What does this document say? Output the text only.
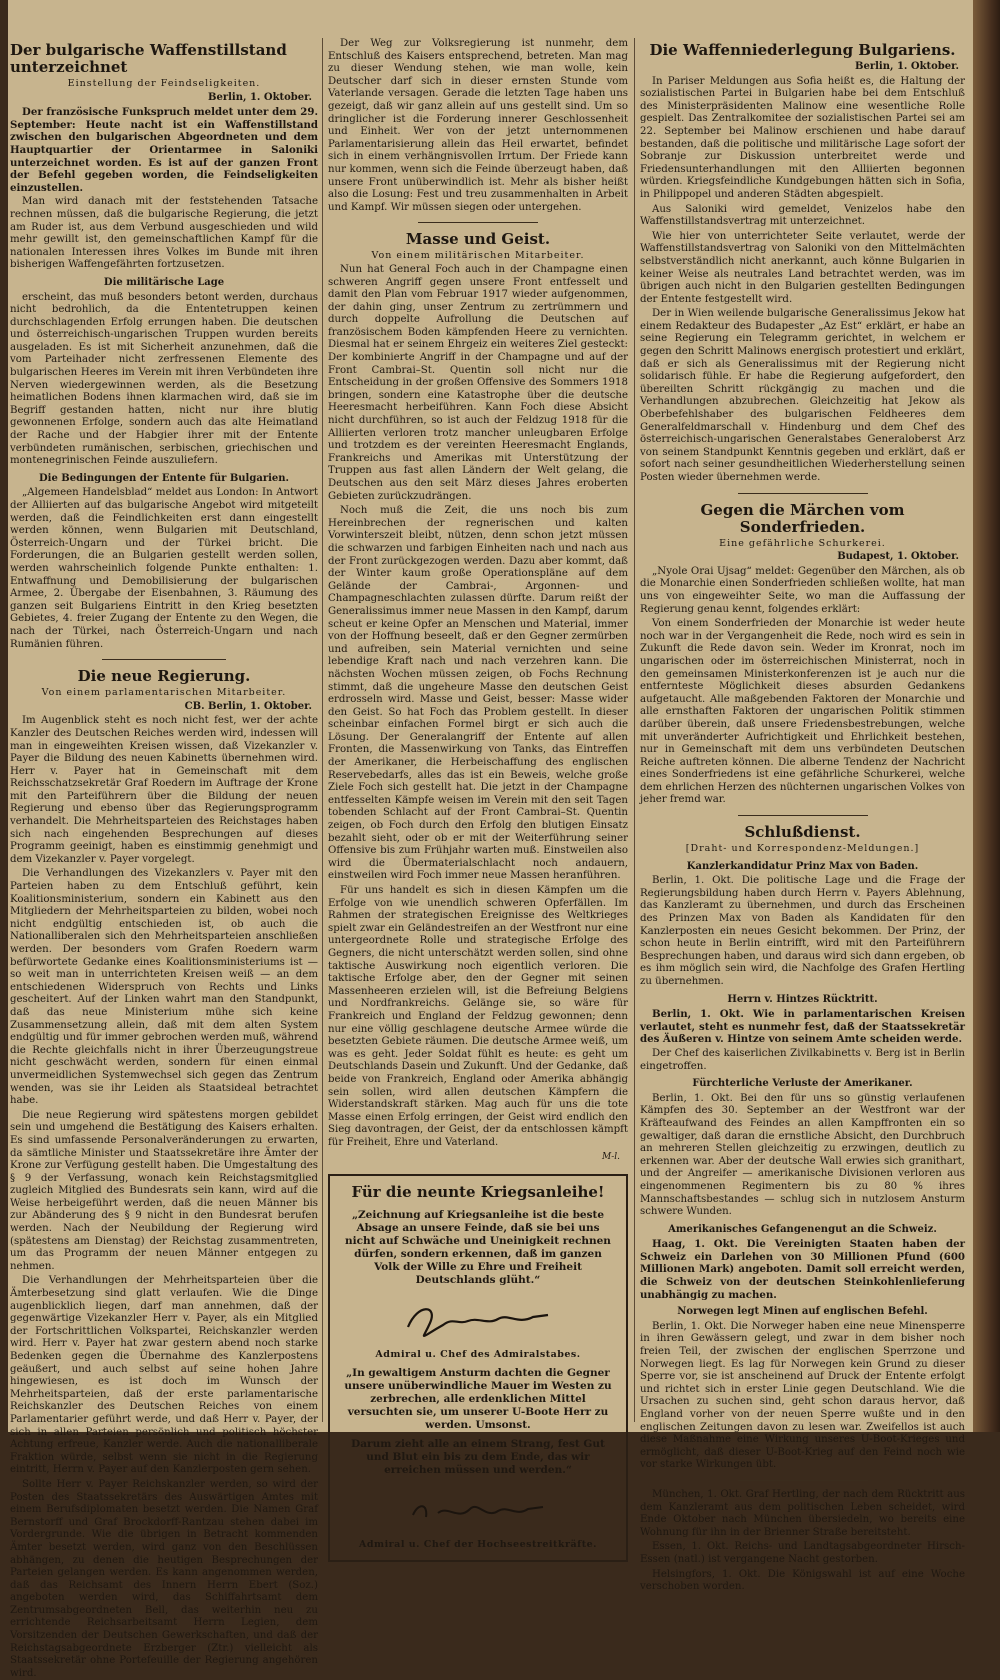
Der bulgarische Waffenstillstand unterzeichnet
Einstellung der Feindseligkeiten.
Berlin, 1. Oktober.

Der französische Funkspruch meldet unter dem 29. September: Heute nacht ist ein Waffenstillstand zwischen den bulgarischen Abgeordneten und dem Hauptquartier der Orientarmee in Saloniki unterzeichnet worden. Es ist auf der ganzen Front der Befehl gegeben worden, die Feindseligkeiten einzustellen.

Man wird danach mit der feststehenden Tatsache rechnen müssen, daß die bulgarische Regierung, die jetzt am Ruder ist, aus dem Verbund ausgeschieden und wild mehr gewillt ist, den gemeinschaftlichen Kampf für die nationalen Interessen ihres Volkes im Bunde mit ihren bisherigen Waffengefährten fortzusetzen.

Die militärische Lage

erscheint, das muß besonders betont werden, durchaus nicht bedrohlich, da die Ententetruppen keinen durchschlagenden Erfolg errungen haben. Die deutschen und österreichisch-ungarischen Truppen wurden bereits ausgeladen. Es ist mit Sicherheit anzunehmen, daß die vom Parteihader nicht zerfressenen Elemente des bulgarischen Heeres im Verein mit ihren Verbündeten ihre Nerven wiedergewinnen werden, als die Besetzung heimatlichen Bodens ihnen klarmachen wird, daß sie im Begriff gestanden hatten, nicht nur ihre blutig gewonnenen Erfolge, sondern auch das alte Heimatland der Rache und der Habgier ihrer mit der Entente verbündeten rumänischen, serbischen, griechischen und montenegrinischen Feinde auszuliefern.

Die Bedingungen der Entente für Bulgarien.

„Algemeen Handelsblad“ meldet aus London: In Antwort der Alliierten auf das bulgarische Angebot wird mitgeteilt werden, daß die Feindlichkeiten erst dann eingestellt werden können, wenn Bulgarien mit Deutschland, Österreich-Ungarn und der Türkei bricht. Die Forderungen, die an Bulgarien gestellt werden sollen, werden wahrscheinlich folgende Punkte enthalten: 1. Entwaffnung und Demobilisierung der bulgarischen Armee, 2. Übergabe der Eisenbahnen, 3. Räumung des ganzen seit Bulgariens Eintritt in den Krieg besetzten Gebietes, 4. freier Zugang der Entente zu den Wegen, die nach der Türkei, nach Österreich-Ungarn und nach Rumänien führen.

Die neue Regierung.
Von einem parlamentarischen Mitarbeiter.
CB. Berlin, 1. Oktober.

Im Augenblick steht es noch nicht fest, wer der achte Kanzler des Deutschen Reiches werden wird, indessen will man in eingeweihten Kreisen wissen, daß Vizekanzler v. Payer die Bildung des neuen Kabinetts übernehmen wird. Herr v. Payer hat in Gemeinschaft mit dem Reichsschatzsekretär Graf Roedern im Auftrage der Krone mit den Parteiführern über die Bildung der neuen Regierung und ebenso über das Regierungsprogramm verhandelt. Die Mehrheitsparteien des Reichstages haben sich nach eingehenden Besprechungen auf dieses Programm geeinigt, haben es einstimmig genehmigt und dem Vizekanzler v. Payer vorgelegt.

Die Verhandlungen des Vizekanzlers v. Payer mit den Parteien haben zu dem Entschluß geführt, kein Koalitionsministerium, sondern ein Kabinett aus den Mitgliedern der Mehrheitsparteien zu bilden, wobei noch nicht endgültig entschieden ist, ob auch die Nationalliberalen sich den Mehrheitsparteien anschließen werden. Der besonders vom Grafen Roedern warm befürwortete Gedanke eines Koalitionsministeriums ist — so weit man in unterrichteten Kreisen weiß — an dem entschiedenen Widerspruch von Rechts und Links gescheitert. Auf der Linken wahrt man den Standpunkt, daß das neue Ministerium mühe sich keine Zusammensetzung allein, daß mit dem alten System endgültig und für immer gebrochen werden muß, während die Rechte gleichfalls nicht in ihrer Überzeugungstreue nicht geschwächt werden, sondern für einen einmal unvermeidlichen Systemwechsel sich gegen das Zentrum wenden, was sie ihr Leiden als Staatsideal betrachtet habe.

Die neue Regierung wird spätestens morgen gebildet sein und umgehend die Bestätigung des Kaisers erhalten. Es sind umfassende Personalveränderungen zu erwarten, da sämtliche Minister und Staatssekretäre ihre Ämter der Krone zur Verfügung gestellt haben. Die Umgestaltung des § 9 der Verfassung, wonach kein Reichstagsmitglied zugleich Mitglied des Bundesrats sein kann, wird auf die Weise herbeigeführt werden, daß die neuen Männer bis zur Abänderung des § 9 nicht in den Bundesrat berufen werden. Nach der Neubildung der Regierung wird (spätestens am Dienstag) der Reichstag zusammentreten, um das Programm der neuen Männer entgegen zu nehmen.

Die Verhandlungen der Mehrheitsparteien über die Ämterbesetzung sind glatt verlaufen. Wie die Dinge augenblicklich liegen, darf man annehmen, daß der gegenwärtige Vizekanzler Herr v. Payer, als ein Mitglied der Fortschrittlichen Volkspartei, Reichskanzler werden wird. Herr v. Payer hat zwar gestern abend noch starke Bedenken gegen die Übernahme des Kanzlerpostens geäußert, und auch selbst auf seine hohen Jahre hingewiesen, es ist doch im Wunsch der Mehrheitsparteien, daß der erste parlamentarische Reichskanzler des Deutschen Reiches von einem Parlamentarier geführt werde, und daß Herr v. Payer, der sich in allen Parteien persönlich und politisch höchster Achtung erfreue, Kanzler werde. Auch die nationalliberale Fraktion würde, selbst wenn sie nicht in die Regierung eintritt, Herrn v. Payer auf den Kanzlerposten gern sehen.

Sollte Herr v. Payer Reichskanzler werden, so wird der Posten des Staatssekretärs des Auswärtigen Amtes mit einem Berufsdiplomaten besetzt werden. Die Namen Graf Bernstorff und Graf Brockdorff-Rantzau stehen dabei im Vordergrunde. Wie die übrigen in Betracht kommenden Ämter besetzt werden, wird ganz von den Beschlüssen abhängen, zu denen die heutigen Besprechungen der Parteien gelangen werden. Es kann angenommen werden, daß das Reichsamt des Innern Herrn Ebert (Soz.) angeboten werden wird, das Schiffahrtsamt dem Zentrumsabgeordneten Bell, das weiterhin neu zu errichtende Reichsarbeitsamt Herrn Legien, dem Vorsitzenden der Deutschen Gewerkschaften, und daß der Reichstagsabgeordnete Erzberger (Ztr.) vielleicht als Staatssekretär ohne Portefeuille der Regierung angehören wird.

Der Weg zur Volksregierung ist nunmehr, dem Entschluß des Kaisers entsprechend, betreten. Man mag zu dieser Wendung stehen, wie man wolle, kein Deutscher darf sich in dieser ernsten Stunde vom Vaterlande versagen. Gerade die letzten Tage haben uns gezeigt, daß wir ganz allein auf uns gestellt sind. Um so dringlicher ist die Forderung innerer Geschlossenheit und Einheit. Wer von der jetzt unternommenen Parlamentarisierung allein das Heil erwartet, befindet sich in einem verhängnisvollen Irrtum. Der Friede kann nur kommen, wenn sich die Feinde überzeugt haben, daß unsere Front unüberwindlich ist. Mehr als bisher heißt also die Losung: Fest und treu zusammenhalten in Arbeit und Kampf. Wir müssen siegen oder untergehen.

Masse und Geist.
Von einem militärischen Mitarbeiter.

Nun hat General Foch auch in der Champagne einen schweren Angriff gegen unsere Front entfesselt und damit den Plan vom Februar 1917 wieder aufgenommen, der dahin ging, unser Zentrum zu zertrümmern und durch doppelte Aufrollung die Deutschen auf französischem Boden kämpfenden Heere zu vernichten. Diesmal hat er seinem Ehrgeiz ein weiteres Ziel gesteckt: Der kombinierte Angriff in der Champagne und auf der Front Cambrai–St. Quentin soll nicht nur die Entscheidung in der großen Offensive des Sommers 1918 bringen, sondern eine Katastrophe über die deutsche Heeresmacht herbeiführen. Kann Foch diese Absicht nicht durchführen, so ist auch der Feldzug 1918 für die Alliierten verloren trotz mancher unleugbaren Erfolge und trotzdem es der vereinten Heeresmacht Englands, Frankreichs und Amerikas mit Unterstützung der Truppen aus fast allen Ländern der Welt gelang, die Deutschen aus den seit März dieses Jahres eroberten Gebieten zurückzudrängen.

Noch muß die Zeit, die uns noch bis zum Hereinbrechen der regnerischen und kalten Vorwinterszeit bleibt, nützen, denn schon jetzt müssen die schwarzen und farbigen Einheiten nach und nach aus der Front zurückgezogen werden. Dazu aber kommt, daß der Winter kaum große Operationspläne auf dem Gelände der Cambrai-, Argonnen- und Champagneschlachten zulassen dürfte. Darum reißt der Generalissimus immer neue Massen in den Kampf, darum scheut er keine Opfer an Menschen und Material, immer von der Hoffnung beseelt, daß er den Gegner zermürben und aufreiben, sein Material vernichten und seine lebendige Kraft nach und nach verzehren kann. Die nächsten Wochen müssen zeigen, ob Fochs Rechnung stimmt, daß die ungeheure Masse den deutschen Geist erdrosseln wird. Masse und Geist, besser: Masse wider den Geist. So hat Foch das Problem gestellt. In dieser scheinbar einfachen Formel birgt er sich auch die Lösung. Der Generalangriff der Entente auf allen Fronten, die Massenwirkung von Tanks, das Eintreffen der Amerikaner, die Herbeischaffung des englischen Reservebedarfs, alles das ist ein Beweis, welche große Ziele Foch sich gestellt hat. Die jetzt in der Champagne entfesselten Kämpfe weisen im Verein mit den seit Tagen tobenden Schlacht auf der Front Cambrai–St. Quentin zeigen, ob Foch durch den Erfolg den blutigen Einsatz bezahlt sieht, oder ob er mit der Weiterführung seiner Offensive bis zum Frühjahr warten muß. Einstweilen also wird die Übermaterialschlacht noch andauern, einstweilen wird Foch immer neue Massen heranführen.

Für uns handelt es sich in diesen Kämpfen um die Erfolge von wie unendlich schweren Opferfällen. Im Rahmen der strategischen Ereignisse des Weltkrieges spielt zwar ein Geländestreifen an der Westfront nur eine untergeordnete Rolle und strategische Erfolge des Gegners, die nicht unterschätzt werden sollen, sind ohne taktische Auswirkung noch eigentlich verloren. Die taktische Erfolge aber, den der Gegner mit seinen Massenheeren erzielen will, ist die Befreiung Belgiens und Nordfrankreichs. Gelänge sie, so wäre für Frankreich und England der Feldzug gewonnen; denn nur eine völlig geschlagene deutsche Armee würde die besetzten Gebiete räumen. Die deutsche Armee weiß, um was es geht. Jeder Soldat fühlt es heute: es geht um Deutschlands Dasein und Zukunft. Und der Gedanke, daß beide von Frankreich, England oder Amerika abhängig sein sollen, wird allen deutschen Kämpfern die Widerstandskraft stärken. Mag auch für uns die tote Masse einen Erfolg erringen, der Geist wird endlich den Sieg davontragen, der Geist, der da entschlossen kämpft für Freiheit, Ehre und Vaterland.

M-l.
Für die neunte Kriegsanleihe!
„Zeichnung auf Kriegsanleihe ist die beste Absage an unsere Feinde, daß sie bei uns nicht auf Schwäche und Uneinigkeit rechnen dürfen, sondern erkennen, daß im ganzen Volk der Wille zu Ehre und Freiheit Deutschlands glüht.“
Admiral u. Chef des Admiralstabes.
„In gewaltigem Ansturm dachten die Gegner unsere unüberwindliche Mauer im Westen zu zerbrechen, alle erdenklichen Mittel versuchten sie, um unserer U-Boote Herr zu werden. Umsonst.
Darum zieht alle an einem Strang, fest Gut und Blut ein bis zu dem Ende, das wir erreichen müssen und werden.“
Admiral u. Chef der Hochseestreitkräfte.
Die Waffenniederlegung Bulgariens.
Berlin, 1. Oktober.

In Pariser Meldungen aus Sofia heißt es, die Haltung der sozialistischen Partei in Bulgarien habe bei dem Entschluß des Ministerpräsidenten Malinow eine wesentliche Rolle gespielt. Das Zentralkomitee der sozialistischen Partei sei am 22. September bei Malinow erschienen und habe darauf bestanden, daß die politische und militärische Lage sofort der Sobranje zur Diskussion unterbreitet werde und Friedensunterhandlungen mit den Alliierten begonnen würden. Kriegsfeindliche Kundgebungen hätten sich in Sofia, in Philippopel und anderen Städten abgespielt.

Aus Saloniki wird gemeldet, Venizelos habe den Waffenstillstandsvertrag mit unterzeichnet.

Wie hier von unterrichteter Seite verlautet, werde der Waffenstillstandsvertrag von Saloniki von den Mittelmächten selbstverständlich nicht anerkannt, auch könne Bulgarien in keiner Weise als neutrales Land betrachtet werden, was im übrigen auch nicht in den Bulgarien gestellten Bedingungen der Entente festgestellt wird.

Der in Wien weilende bulgarische Generalissimus Jekow hat einem Redakteur des Budapester „Az Est“ erklärt, er habe an seine Regierung ein Telegramm gerichtet, in welchem er gegen den Schritt Malinows energisch protestiert und erklärt, daß er sich als Generalissimus mit der Regierung nicht solidarisch fühle. Er habe die Regierung aufgefordert, den übereilten Schritt rückgängig zu machen und die Verhandlungen abzubrechen. Gleichzeitig hat Jekow als Oberbefehlshaber des bulgarischen Feldheeres dem Generalfeldmarschall v. Hindenburg und dem Chef des österreichisch-ungarischen Generalstabes Generaloberst Arz von seinem Standpunkt Kenntnis gegeben und erklärt, daß er sofort nach seiner gesundheitlichen Wiederherstellung seinen Posten wieder übernehmen werde.

Gegen die Märchen vom Sonderfrieden.
Eine gefährliche Schurkerei.
Budapest, 1. Oktober.

„Nyole Orai Ujsag“ meldet: Gegenüber den Märchen, als ob die Monarchie einen Sonderfrieden schließen wollte, hat man uns von eingeweihter Seite, wo man die Auffassung der Regierung genau kennt, folgendes erklärt:

Von einem Sonderfrieden der Monarchie ist weder heute noch war in der Vergangenheit die Rede, noch wird es sein in Zukunft die Rede davon sein. Weder im Kronrat, noch im ungarischen oder im österreichischen Ministerrat, noch in den gemeinsamen Ministerkonferenzen ist je auch nur die entfernteste Möglichkeit dieses absurden Gedankens aufgetaucht. Alle maßgebenden Faktoren der Monarchie und alle ernsthaften Faktoren der ungarischen Politik stimmen darüber überein, daß unsere Friedensbestrebungen, welche mit unveränderter Aufrichtigkeit und Ehrlichkeit bestehen, nur in Gemeinschaft mit dem uns verbündeten Deutschen Reiche auftreten können. Die alberne Tendenz der Nachricht eines Sonderfriedens ist eine gefährliche Schurkerei, welche dem ehrlichen Herzen des nüchternen ungarischen Volkes von jeher fremd war.

Schlußdienst.
[Draht- und Korrespondenz-Meldungen.]
Kanzlerkandidatur Prinz Max von Baden.

Berlin, 1. Okt. Die politische Lage und die Frage der Regierungsbildung haben durch Herrn v. Payers Ablehnung, das Kanzleramt zu übernehmen, und durch das Erscheinen des Prinzen Max von Baden als Kandidaten für den Kanzlerposten ein neues Gesicht bekommen. Der Prinz, der schon heute in Berlin eintrifft, wird mit den Parteiführern Besprechungen haben, und daraus wird sich dann ergeben, ob es ihm möglich sein wird, die Nachfolge des Grafen Hertling zu übernehmen.

Herrn v. Hintzes Rücktritt.

Berlin, 1. Okt. Wie in parlamentarischen Kreisen verlautet, steht es nunmehr fest, daß der Staatssekretär des Äußeren v. Hintze von seinem Amte scheiden werde.

Der Chef des kaiserlichen Zivilkabinetts v. Berg ist in Berlin eingetroffen.

Fürchterliche Verluste der Amerikaner.

Berlin, 1. Okt. Bei den für uns so günstig verlaufenen Kämpfen des 30. September an der Westfront war der Kräfteaufwand des Feindes an allen Kampffronten ein so gewaltiger, daß daran die ernstliche Absicht, den Durchbruch an mehreren Stellen gleichzeitig zu erzwingen, deutlich zu erkennen war. Aber der deutsche Wall erwies sich granithart, und der Angreifer — amerikanische Divisionen verloren aus eingenommenen Regimentern bis zu 80 % ihres Mannschaftsbestandes — schlug sich in nutzlosem Ansturm schwere Wunden.

Amerikanisches Gefangenengut an die Schweiz.

Haag, 1. Okt. Die Vereinigten Staaten haben der Schweiz ein Darlehen von 30 Millionen Pfund (600 Millionen Mark) angeboten. Damit soll erreicht werden, die Schweiz von der deutschen Steinkohlenlieferung unabhängig zu machen.

Norwegen legt Minen auf englischen Befehl.

Berlin, 1. Okt. Die Norweger haben eine neue Minensperre in ihren Gewässern gelegt, und zwar in dem bisher noch freien Teil, der zwischen der englischen Sperrzone und Norwegen liegt. Es lag für Norwegen kein Grund zu dieser Sperre vor, sie ist anscheinend auf Druck der Entente erfolgt und richtet sich in erster Linie gegen Deutschland. Wie die Ursachen zu suchen sind, geht schon daraus hervor, daß England vorher von der neuen Sperre wußte und in den englischen Zeitungen davon zu lesen war. Zweifellos ist auch diese Maßnahme eine Wirkung unseres U-Boot-Krieges und ermöglicht, daß dieser U-Boot-Krieg auf den Feind noch wie vor starke Wirkungen übt.

München, 1. Okt. Graf Hertling, der nach dem Rücktritt aus dem Kanzleramt aus dem politischen Leben scheidet, wird Ende Oktober nach München übersiedeln, wo bereits eine Wohnung für ihn in der Brienner Straße bereitsteht.

Essen, 1. Okt. Reichs- und Landtagsabgeordneter Hirsch-Essen (natl.) ist vergangene Nacht gestorben.

Helsingfors, 1. Okt. Die Königswahl ist auf eine Woche verschoben worden.
